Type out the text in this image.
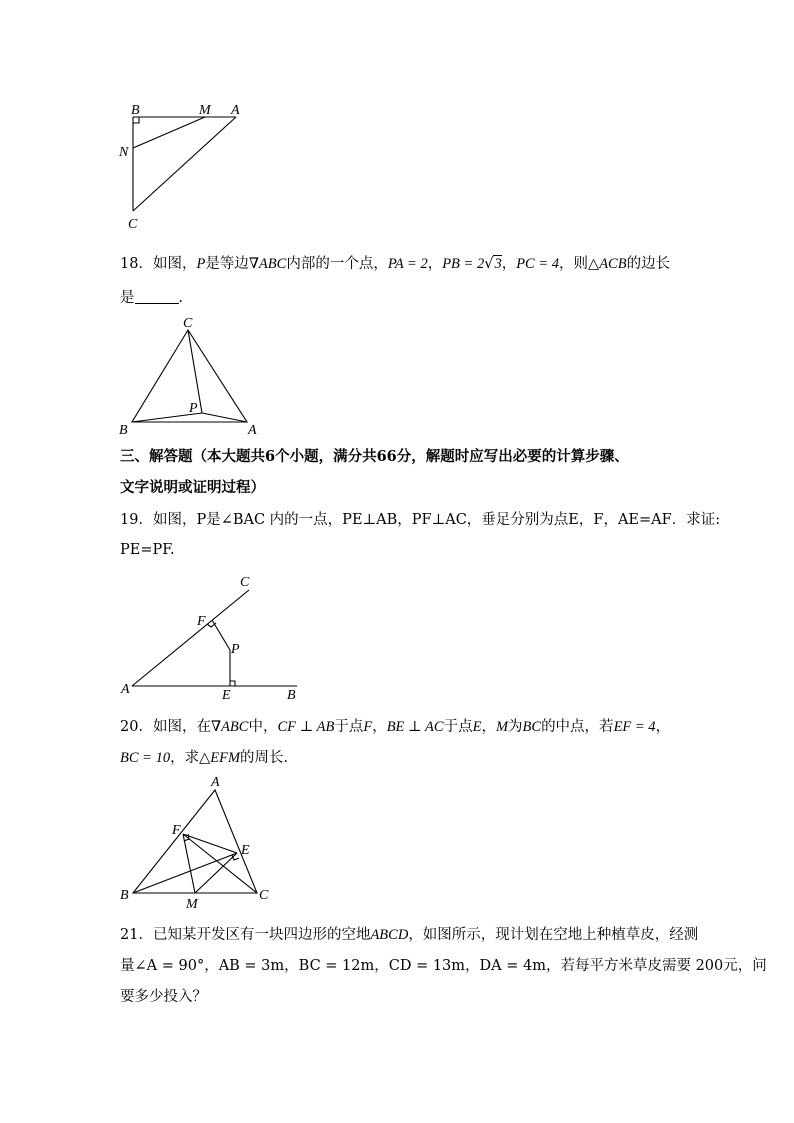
B	M A
N
C
18．如图，P是等边∇ABC内部的一个点，PA = 2，PB = 2√3，PC = 4，则△ACB的边长
是	．
C
P
B	A
三、解答题（本大题共6个小题，满分共66分，解题时应写出必要的计算步骤、
文字说明或证明过程）
19．如图，P是∠BAC 内的一点，PE⊥AB，PF⊥AC，垂足分别为点E，F，AE=AF．求证:
PE=PF.
C
F
P
A	E	B
20．如图，在∇ABC中，CF ⊥ AB于点F，BE ⊥ AC于点E，M为BC的中点，若EF = 4，
BC = 10，求△EFM的周长．
A
F
E
B
M
C
21．已知某开发区有一块四边形的空地ABCD，如图所示，现计划在空地上种植草皮，经测
量∠A = 90°，AB = 3m，BC = 12m，CD = 13m，DA = 4m，若每平方米草皮需要 200元，问
要多少投入？
